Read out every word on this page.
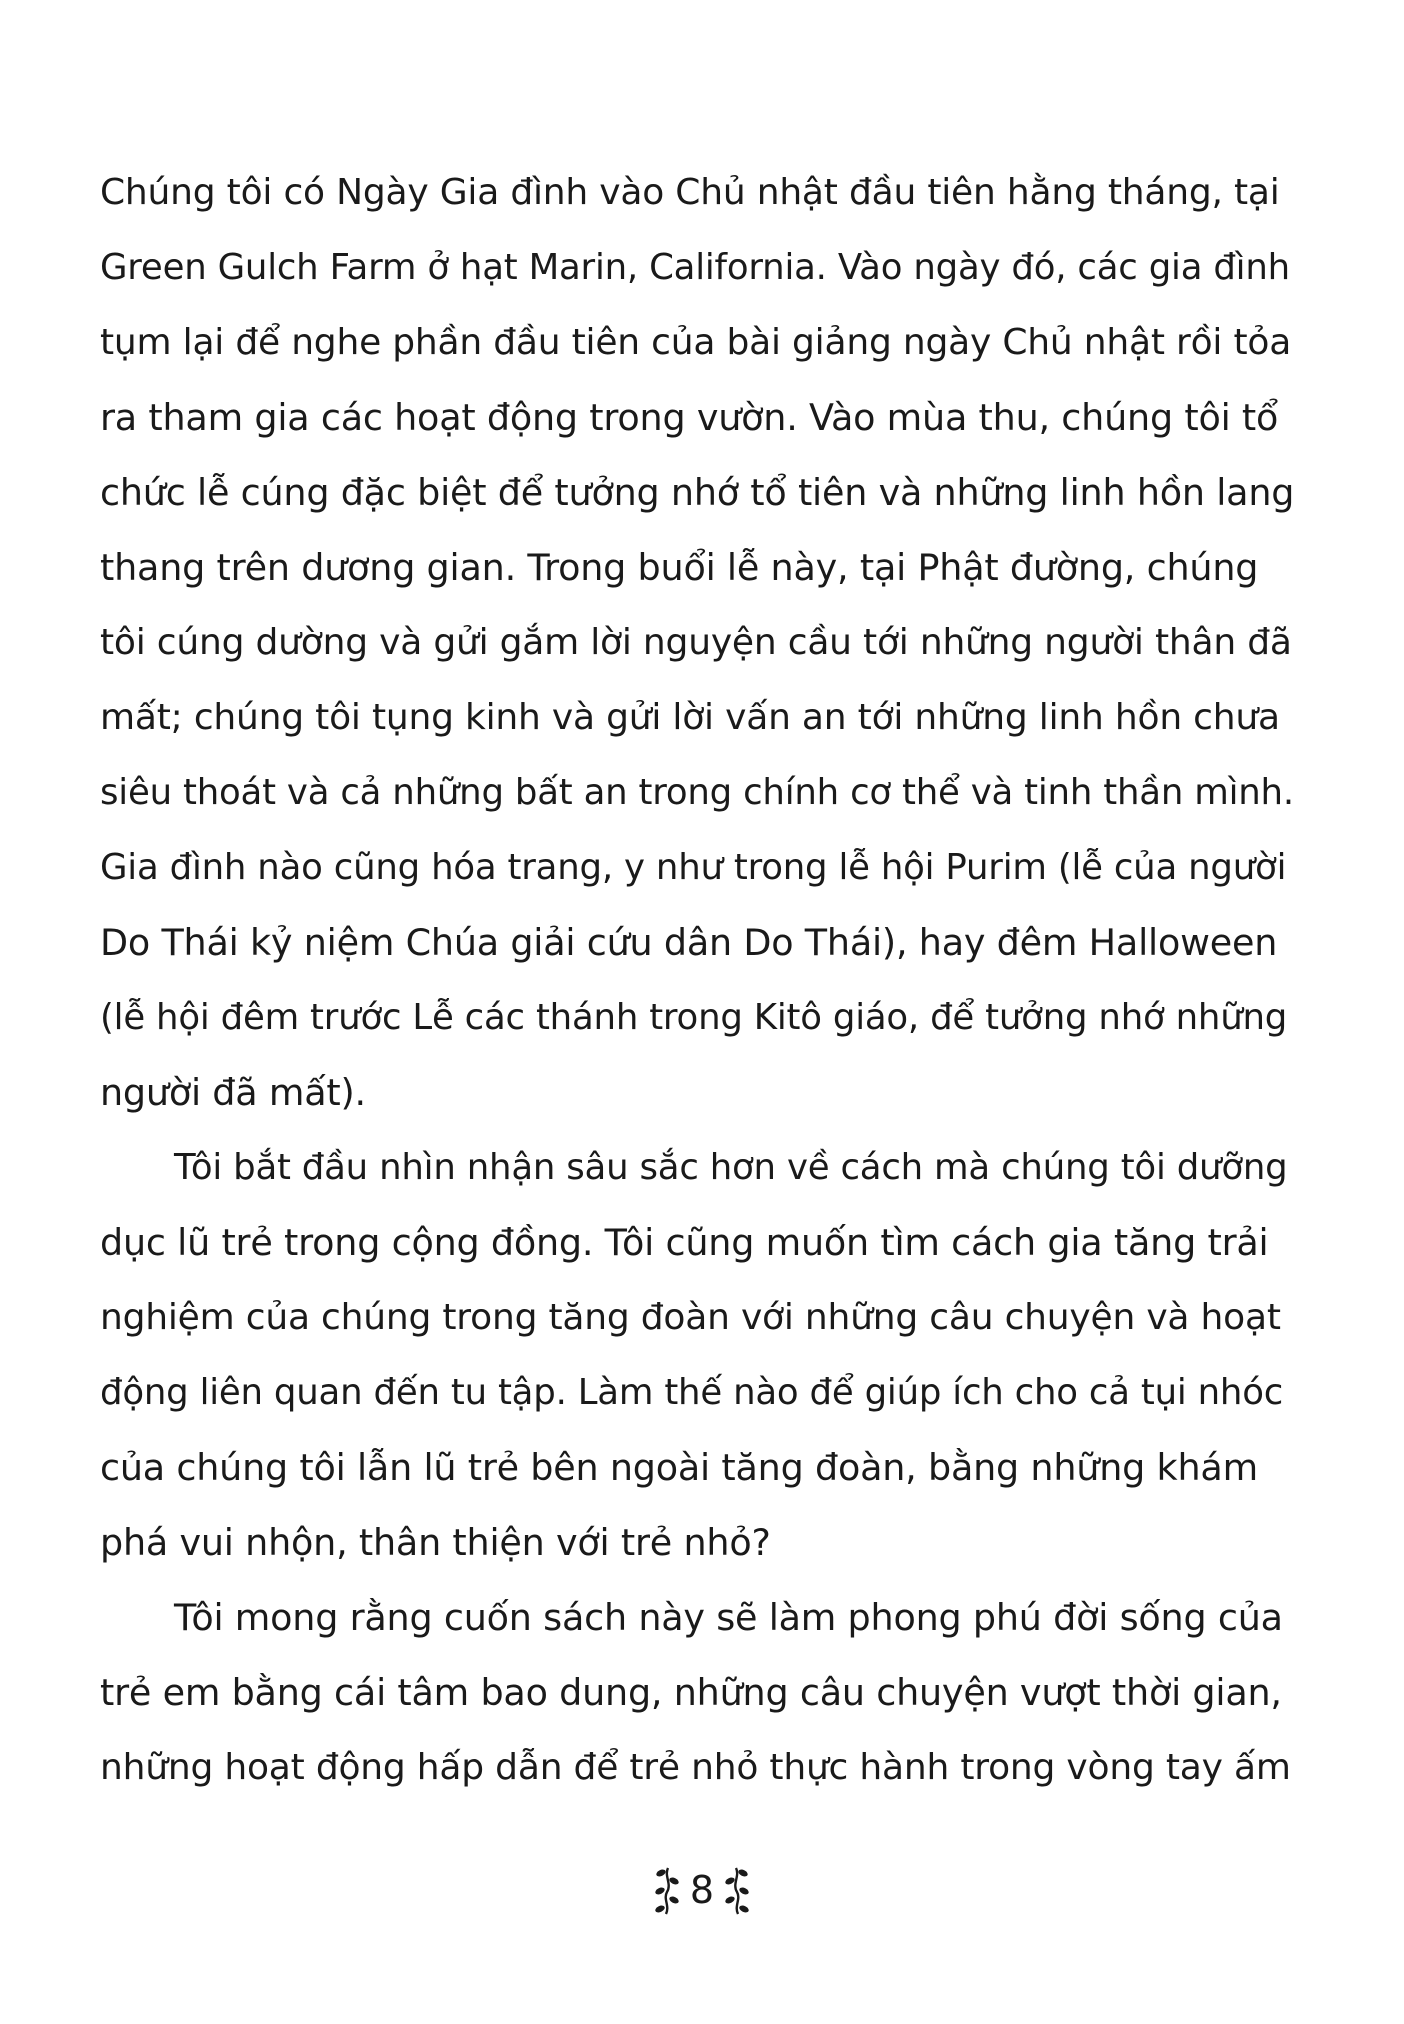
Chúng tôi có Ngày Gia đình vào Chủ nhật đầu tiên hằng tháng, tại
Green Gulch Farm ở hạt Marin, California. Vào ngày đó, các gia đình
tụm lại để nghe phần đầu tiên của bài giảng ngày Chủ nhật rồi tỏa
ra tham gia các hoạt động trong vườn. Vào mùa thu, chúng tôi tổ
chức lễ cúng đặc biệt để tưởng nhớ tổ tiên và những linh hồn lang
thang trên dương gian. Trong buổi lễ này, tại Phật đường, chúng
tôi cúng dường và gửi gắm lời nguyện cầu tới những người thân đã
mất; chúng tôi tụng kinh và gửi lời vấn an tới những linh hồn chưa
siêu thoát và cả những bất an trong chính cơ thể và tinh thần mình.
Gia đình nào cũng hóa trang, y như trong lễ hội Purim (lễ của người
Do Thái kỷ niệm Chúa giải cứu dân Do Thái), hay đêm Halloween
(lễ hội đêm trước Lễ các thánh trong Kitô giáo, để tưởng nhớ những
người đã mất).
Tôi bắt đầu nhìn nhận sâu sắc hơn về cách mà chúng tôi dưỡng
dục lũ trẻ trong cộng đồng. Tôi cũng muốn tìm cách gia tăng trải
nghiệm của chúng trong tăng đoàn với những câu chuyện và hoạt
động liên quan đến tu tập. Làm thế nào để giúp ích cho cả tụi nhóc
của chúng tôi lẫn lũ trẻ bên ngoài tăng đoàn, bằng những khám
phá vui nhộn, thân thiện với trẻ nhỏ?
Tôi mong rằng cuốn sách này sẽ làm phong phú đời sống của
trẻ em bằng cái tâm bao dung, những câu chuyện vượt thời gian,
những hoạt động hấp dẫn để trẻ nhỏ thực hành trong vòng tay ấm
8
